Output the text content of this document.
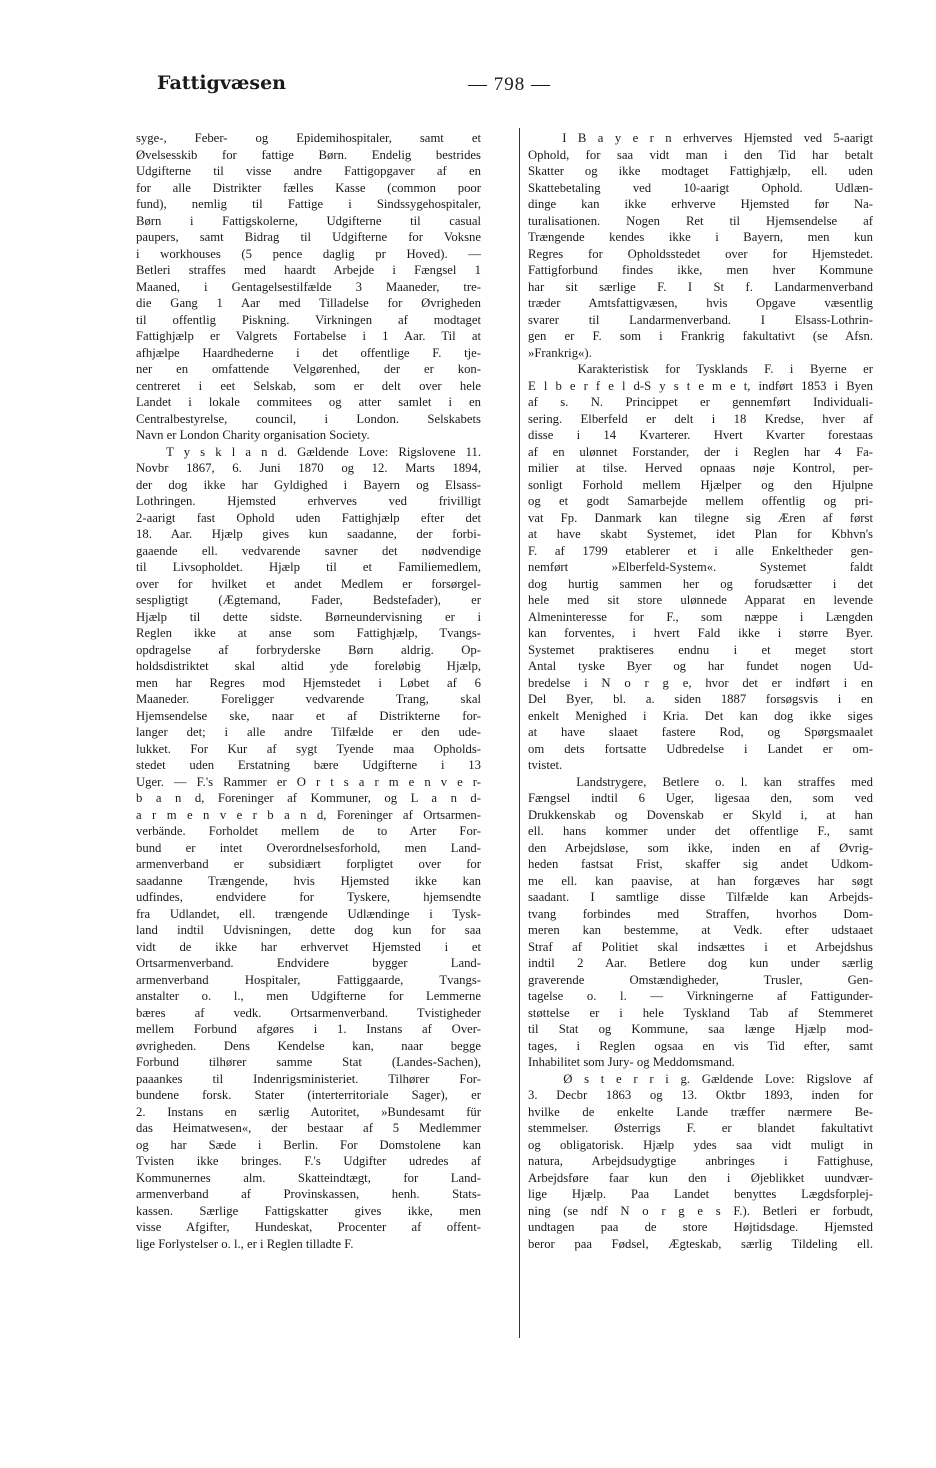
Fattigvæsen	— 798 —
syge-, Feber- og Epidemihospitaler, samt et
Øvelsesskib for fattige Børn. Endelig bestrides
Udgifterne til visse andre Fattigopgaver af en
for alle Distrikter fælles Kasse (common poor
fund), nemlig til Fattige i Sindssygehospitaler,
Børn i Fattigskolerne, Udgifterne til casual
paupers, samt Bidrag til Udgifterne for Voksne
i workhouses (5 pence daglig pr Hoved). —
Betleri straffes med haardt Arbejde i Fængsel 1
Maaned, i Gentagelsestilfælde 3 Maaneder, tre-
die Gang 1 Aar med Tilladelse for Øvrigheden
til offentlig Piskning. Virkningen af modtaget
Fattighjælp er Valgrets Fortabelse i 1 Aar. Til at
afhjælpe Haardhederne i det offentlige F. tje-
ner en omfattende Velgørenhed, der er kon-
centreret i eet Selskab, som er delt over hele
Landet i lokale commitees og atter samlet i en
Centralbestyrelse, council, i London. Selskabets
Navn er London Charity organisation Society.
T y s k l a n d. Gældende Love: Rigslovene 11.
Novbr 1867, 6. Juni 1870 og 12. Marts 1894,
der dog ikke har Gyldighed i Bayern og Elsass-
Lothringen. Hjemsted erhverves ved frivilligt
2-aarigt fast Ophold uden Fattighjælp efter det
18. Aar. Hjælp gives kun saadanne, der forbi-
gaaende ell. vedvarende savner det nødvendige
til Livsopholdet. Hjælp til et Familiemedlem,
over for hvilket et andet Medlem er forsørgel-
sespligtigt (Ægtemand, Fader, Bedstefader), er
Hjælp til dette sidste. Børneundervisning er i
Reglen ikke at anse som Fattighjælp, Tvangs-
opdragelse af forbryderske Børn aldrig. Op-
holdsdistriktet skal altid yde foreløbig Hjælp,
men har Regres mod Hjemstedet i Løbet af 6
Maaneder. Foreligger vedvarende Trang, skal
Hjemsendelse ske, naar et af Distrikterne for-
langer det; i alle andre Tilfælde er den ude-
lukket. For Kur af sygt Tyende maa Opholds-
stedet uden Erstatning bære Udgifterne i 13
Uger. — F.'s Rammer er O r t s a r m e n v e r-
b a n d, Foreninger af Kommuner, og L a n d-
a r m e n v e r b a n d, Foreninger af Ortsarmen-
verbände. Forholdet mellem de to Arter For-
bund er intet Overordnelsesforhold, men Land-
armenverband er subsidiært forpligtet over for
saadanne Trængende, hvis Hjemsted ikke kan
udfindes, endvidere for Tyskere, hjemsendte
fra Udlandet, ell. trængende Udlændinge i Tysk-
land indtil Udvisningen, dette dog kun for saa
vidt de ikke har erhvervet Hjemsted i et
Ortsarmenverband. Endvidere bygger Land-
armenverband Hospitaler, Fattiggaarde, Tvangs-
anstalter o. l., men Udgifterne for Lemmerne
bæres af vedk. Ortsarmenverband. Tvistigheder
mellem Forbund afgøres i 1. Instans af Over-
øvrigheden. Dens Kendelse kan, naar begge
Forbund tilhører samme Stat (Landes-Sachen),
paaankes til Indenrigsministeriet. Tilhører For-
bundene forsk. Stater (interterritoriale Sager), er
2. Instans en særlig Autoritet, »Bundesamt für
das Heimatwesen«, der bestaar af 5 Medlemmer
og har Sæde i Berlin. For Domstolene kan
Tvisten ikke bringes. F.'s Udgifter udredes af
Kommunernes alm. Skatteindtægt, for Land-
armenverband af Provinskassen, henh. Stats-
kassen. Særlige Fattigskatter gives ikke, men
visse Afgifter, Hundeskat, Procenter af offent-
lige Forlystelser o. l., er i Reglen tilladte F.
I B a y e r n erhverves Hjemsted ved 5-aarigt
Ophold, for saa vidt man i den Tid har betalt
Skatter og ikke modtaget Fattighjælp, ell. uden
Skattebetaling ved 10-aarigt Ophold. Udlæn-
dinge kan ikke erhverve Hjemsted før Na-
turalisationen. Nogen Ret til Hjemsendelse af
Trængende kendes ikke i Bayern, men kun
Regres for Opholdsstedet over for Hjemstedet.
Fattigforbund findes ikke, men hver Kommune
har sit særlige F. I St f. Landarmenverband
træder Amtsfattigvæsen, hvis Opgave væsentlig
svarer til Landarmenverband. I Elsass-Lothrin-
gen er F. som i Frankrig fakultativt (se Afsn.
»Frankrig«).
Karakteristisk for Tysklands F. i Byerne er
E l b e r f e l d-S y s t e m e t, indført 1853 i Byen
af s. N. Princippet er gennemført Individuali-
sering. Elberfeld er delt i 18 Kredse, hver af
disse i 14 Kvarterer. Hvert Kvarter forestaas
af en ulønnet Forstander, der i Reglen har 4 Fa-
milier at tilse. Herved opnaas nøje Kontrol, per-
sonligt Forhold mellem Hjælper og den Hjulpne
og et godt Samarbejde mellem offentlig og pri-
vat Fp. Danmark kan tilegne sig Æren af først
at have skabt Systemet, idet Plan for Kbhvn's
F. af 1799 etablerer et i alle Enkeltheder gen-
nemført »Elberfeld-System«. Systemet faldt
dog hurtig sammen her og forudsætter i det
hele med sit store ulønnede Apparat en levende
Almeninteresse for F., som næppe i Længden
kan forventes, i hvert Fald ikke i større Byer.
Systemet praktiseres endnu i et meget stort
Antal tyske Byer og har fundet nogen Ud-
bredelse i N o r g e, hvor det er indført i en
Del Byer, bl. a. siden 1887 forsøgsvis i en
enkelt Menighed i Kria. Det kan dog ikke siges
at have slaaet fastere Rod, og Spørgsmaalet
om dets fortsatte Udbredelse i Landet er om-
tvistet.
Landstrygere, Betlere o. l. kan straffes med
Fængsel indtil 6 Uger, ligesaa den, som ved
Drukkenskab og Dovenskab er Skyld i, at han
ell. hans kommer under det offentlige F., samt
den Arbejdsløse, som ikke, inden en af Øvrig-
heden fastsat Frist, skaffer sig andet Udkom-
me ell. kan paavise, at han forgæves har søgt
saadant. I samtlige disse Tilfælde kan Arbejds-
tvang forbindes med Straffen, hvorhos Dom-
meren kan bestemme, at Vedk. efter udstaaet
Straf af Politiet skal indsættes i et Arbejdshus
indtil 2 Aar. Betlere dog kun under særlig
graverende Omstændigheder, Trusler, Gen-
tagelse o. l. — Virkningerne af Fattigunder-
støttelse er i hele Tyskland Tab af Stemmeret
til Stat og Kommune, saa længe Hjælp mod-
tages, i Reglen ogsaa en vis Tid efter, samt
Inhabilitet som Jury- og Meddomsmand.
Ø s t e r r i g. Gældende Love: Rigslove af
3. Decbr 1863 og 13. Oktbr 1893, inden for
hvilke de enkelte Lande træffer nærmere Be-
stemmelser. Østerrigs F. er blandet fakultativt
og obligatorisk. Hjælp ydes saa vidt muligt in
natura, Arbejdsudygtige anbringes i Fattighuse,
Arbejdsføre faar kun den i Øjeblikket uundvær-
lige Hjælp. Paa Landet benyttes Lægdsforplej-
ning (se ndf N o r g e s F.). Betleri er forbudt,
undtagen paa de store Højtidsdage. Hjemsted
beror paa Fødsel, Ægteskab, særlig Tildeling ell.
